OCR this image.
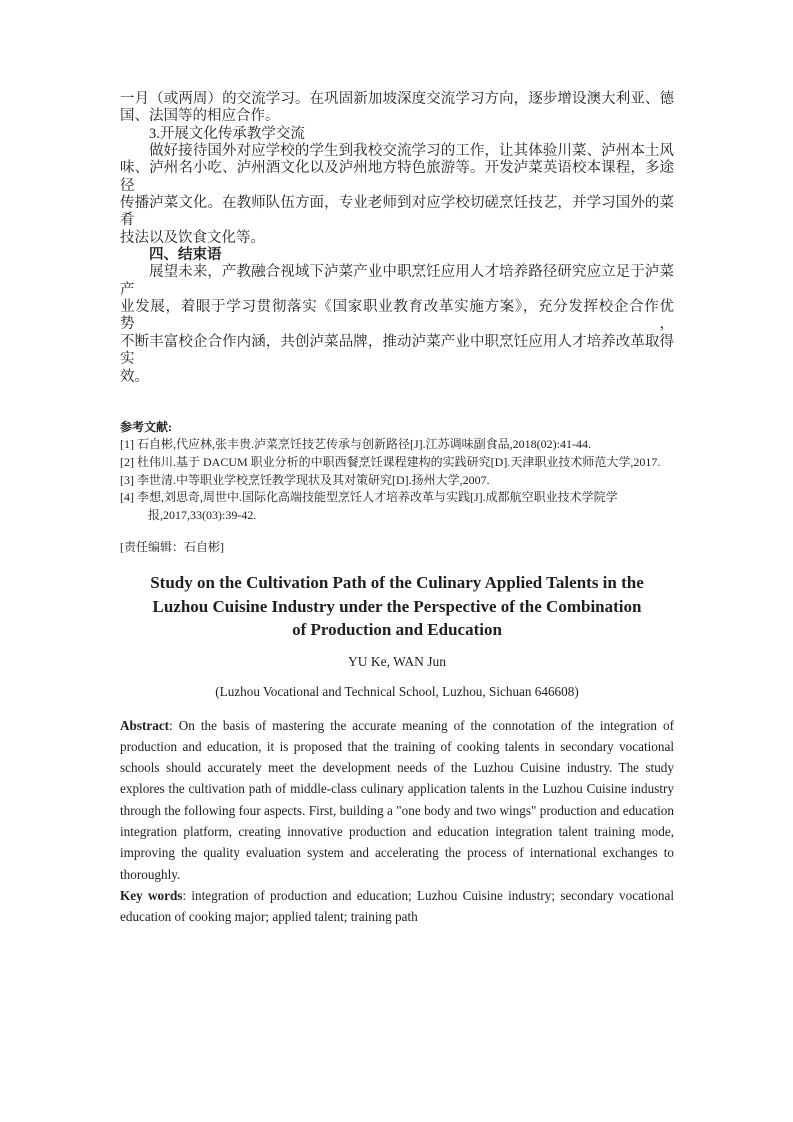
一月（或两周）的交流学习。在巩固新加坡深度交流学习方向，逐步增设澳大利亚、德
国、法国等的相应合作。
3.开展文化传承教学交流
做好接待国外对应学校的学生到我校交流学习的工作，让其体验川菜、泸州本土风
味、泸州名小吃、泸州酒文化以及泸州地方特色旅游等。开发泸菜英语校本课程，多途径
传播泸菜文化。在教师队伍方面，专业老师到对应学校切磋烹饪技艺，并学习国外的菜肴
技法以及饮食文化等。
四、结束语
展望未来，产教融合视域下泸菜产业中职烹饪应用人才培养路径研究应立足于泸菜产
业发展，着眼于学习贯彻落实《国家职业教育改革实施方案》，充分发挥校企合作优势，
不断丰富校企合作内涵，共创泸菜品牌，推动泸菜产业中职烹饪应用人才培养改革取得实
效。
参考文献:
[1] 石自彬,代应林,张丰贵.泸菜烹饪技艺传承与创新路径[J].江苏调味副食品,2018(02):41-44.
[2] 杜伟川.基于 DACUM 职业分析的中职西餐烹饪课程建构的实践研究[D].天津职业技术师范大学,2017.
[3] 李世清.中等职业学校烹饪教学现状及其对策研究[D].扬州大学,2007.
[4] 李想,刘思奇,周世中.国际化高端技能型烹饪人才培养改革与实践[J].成都航空职业技术学院学
报,2017,33(03):39-42.
[责任编辑：石自彬]
Study on the Cultivation Path of the Culinary Applied Talents in the
Luzhou Cuisine Industry under the Perspective of the Combination
of Production and Education
YU Ke, WAN Jun
(Luzhou Vocational and Technical School, Luzhou, Sichuan 646608)

Abstract: On the basis of mastering the accurate meaning of the connotation of the integration of production and education, it is proposed that the training of cooking talents in secondary vocational schools should accurately meet the development needs of the Luzhou Cuisine industry. The study explores the cultivation path of middle-class culinary application talents in the Luzhou Cuisine industry through the following four aspects. First, building a "one body and two wings" production and education integration platform, creating innovative production and education integration talent training mode, improving the quality evaluation system and accelerating the process of international exchanges to thoroughly.

Key words: integration of production and education; Luzhou Cuisine industry; secondary vocational education of cooking major; applied talent; training path
